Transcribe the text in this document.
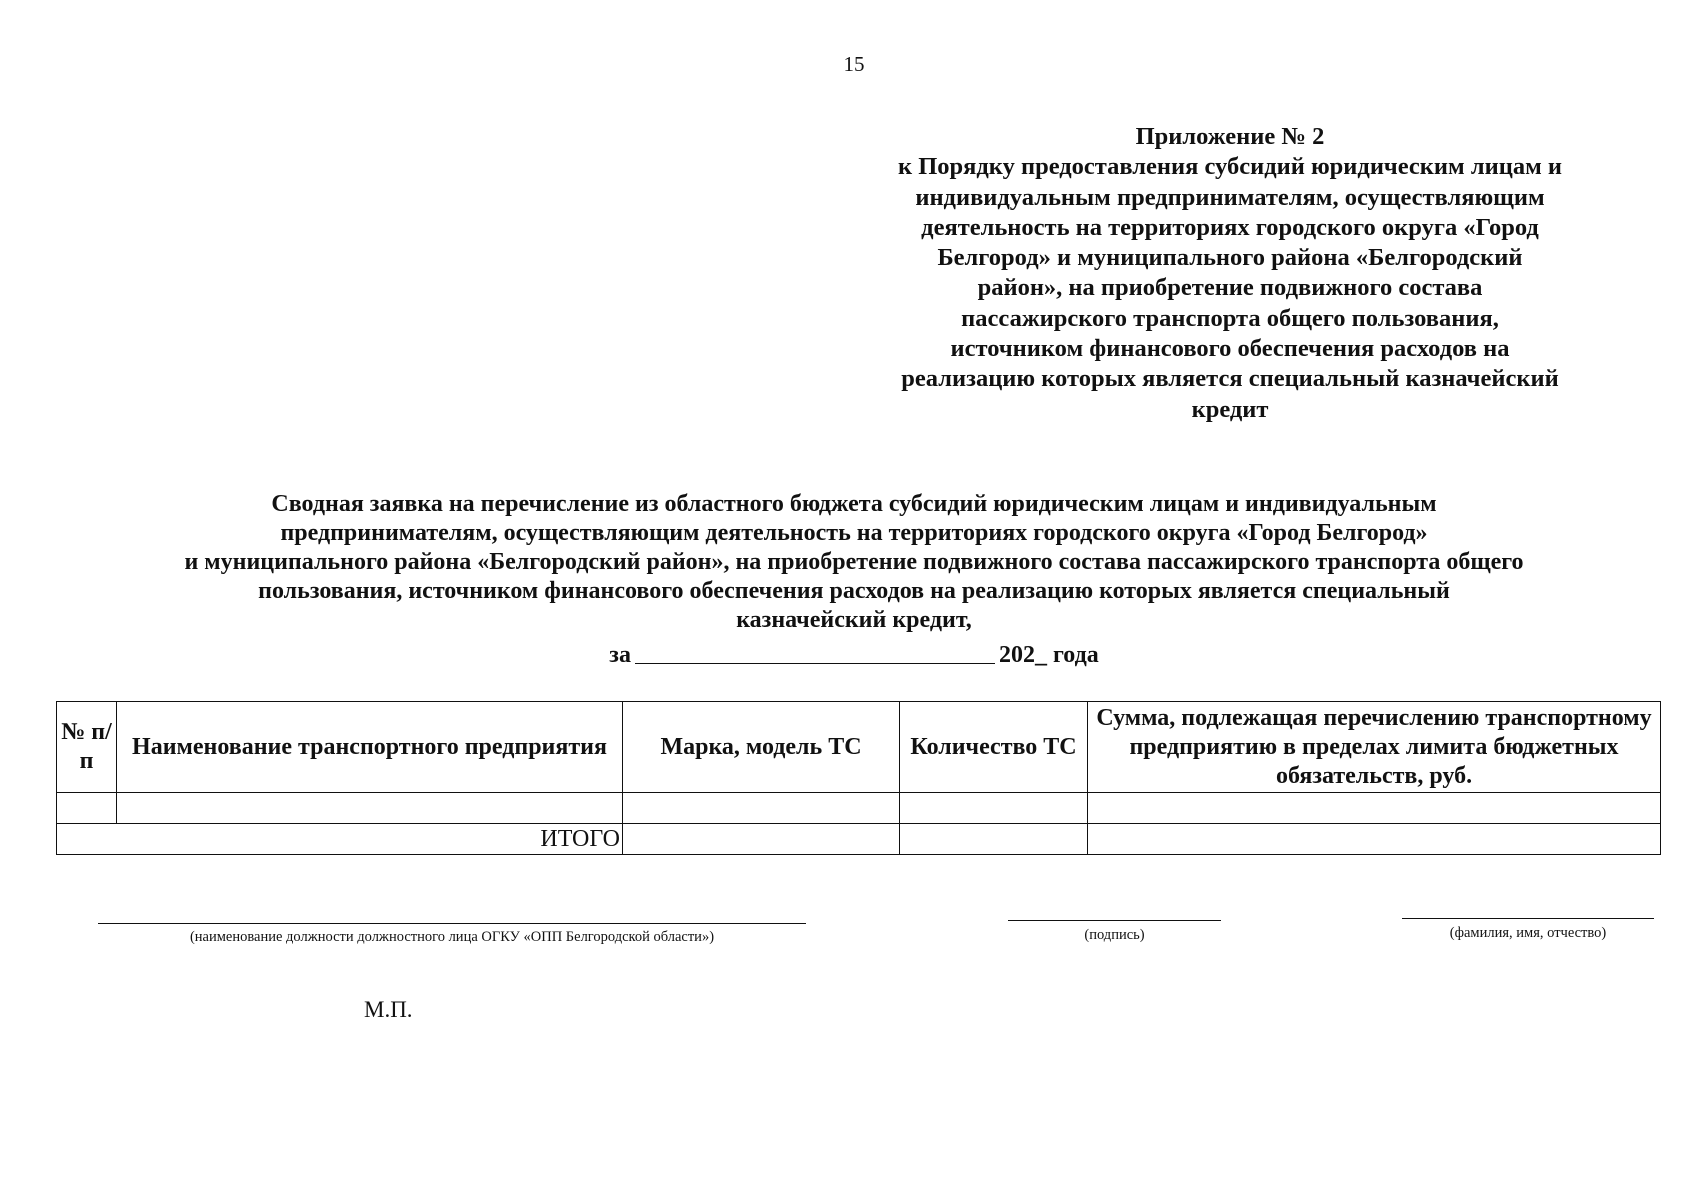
15
Приложение № 2
к Порядку предоставления субсидий юридическим лицам и
индивидуальным предпринимателям, осуществляющим
деятельность на территориях городского округа «Город
Белгород» и муниципального района «Белгородский
район», на приобретение подвижного состава
пассажирского транспорта общего пользования,
источником финансового обеспечения расходов на
реализацию которых является специальный казначейский
кредит
Сводная заявка на перечисление из областного бюджета субсидий юридическим лицам и индивидуальным
предпринимателям, осуществляющим деятельность на территориях городского округа «Город Белгород»
и муниципального района «Белгородский район», на приобретение подвижного состава пассажирского транспорта общего
пользования, источником финансового обеспечения расходов на реализацию которых является специальный
казначейский кредит,
за	202_ года
№ п/п	Наименование транспортного предприятия	Марка, модель ТС	Количество ТС	Сумма, подлежащая перечислению транспортному предприятию в пределах лимита бюджетных обязательств, руб.

ИТОГО				
(наименование должности должностного лица ОГКУ «ОПП Белгородской области»)	(подпись)	(фамилия, имя, отчество)
М.П.
